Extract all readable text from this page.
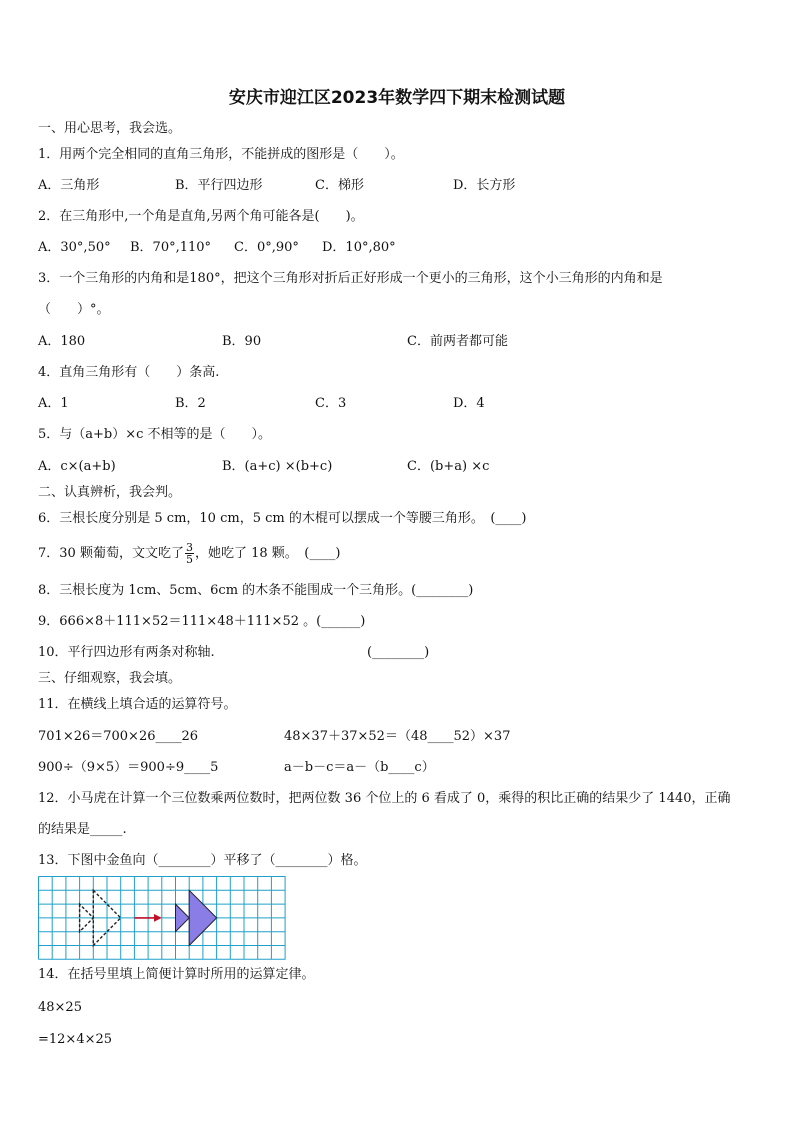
安庆市迎江区2023年数学四下期末检测试题
一、用心思考，我会选。
1．用两个完全相同的直角三角形，不能拼成的图形是（　　）。
A．三角形	B．平行四边形	C．梯形	D．长方形
2．在三角形中,一个角是直角,另两个角可能各是(　　)。
A．30°,50° B．70°,110° C．0°,90° D．10°,80°
3．一个三角形的内角和是180°，把这个三角形对折后正好形成一个更小的三角形，这个小三角形的内角和是
（　　）°。
A．180	B．90	C．前两者都可能
4．直角三角形有（　　）条高.
A．1	B．2	C．3	D．4
5．与（a+b）×c 不相等的是（　　）。
A．c×(a+b)	B．(a+c) ×(b+c)	C．(b+a) ×c
二、认真辨析，我会判。
6．三根长度分别是 5 cm，10 cm，5 cm 的木棍可以摆成一个等腰三角形。　(____)
7．30 颗葡萄，文文吃了 $\frac{3}{5}$ ，她吃了 18 颗。　(____)
8．三根长度为 1cm、5cm、6cm 的木条不能围成一个三角形。(________)
9．666×8＋111×52＝111×48＋111×52 。(______)
10．平行四边形有两条对称轴.	(________)
三、仔细观察，我会填。
11．在横线上填合适的运算符号。
701×26＝700×26____26	48×37＋37×52＝（48____52）×37
900÷（9×5）＝900÷9____5	a－b－c＝a－（b____c）
12．小马虎在计算一个三位数乘两位数时，把两位数 36 个位上的 6 看成了 0，乘得的积比正确的结果少了 1440，正确
的结果是_____.
13．下图中金鱼向（________）平移了（________）格。
14．在括号里填上简便计算时所用的运算定律。
48×25
=12×4×25
